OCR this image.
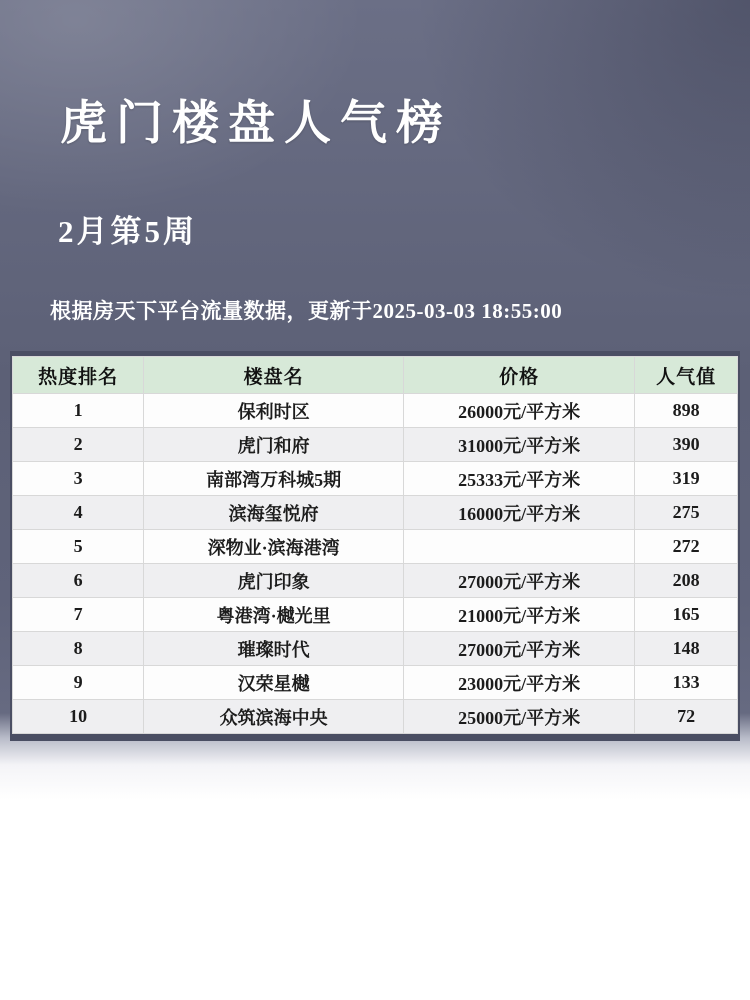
虎门楼盘人气榜
2月第5周
根据房天下平台流量数据，更新于2025-03-03 18:55:00
热度排名	楼盘名	价格	人气值
1	保利时区	26000元/平方米	898
2	虎门和府	31000元/平方米	390
3	南部湾万科城5期	25333元/平方米	319
4	滨海玺悦府	16000元/平方米	275
5	深物业·滨海港湾		272
6	虎门印象	27000元/平方米	208
7	粤港湾·樾光里	21000元/平方米	165
8	璀璨时代	27000元/平方米	148
9	汉荣星樾	23000元/平方米	133
10	众筑滨海中央	25000元/平方米	72
